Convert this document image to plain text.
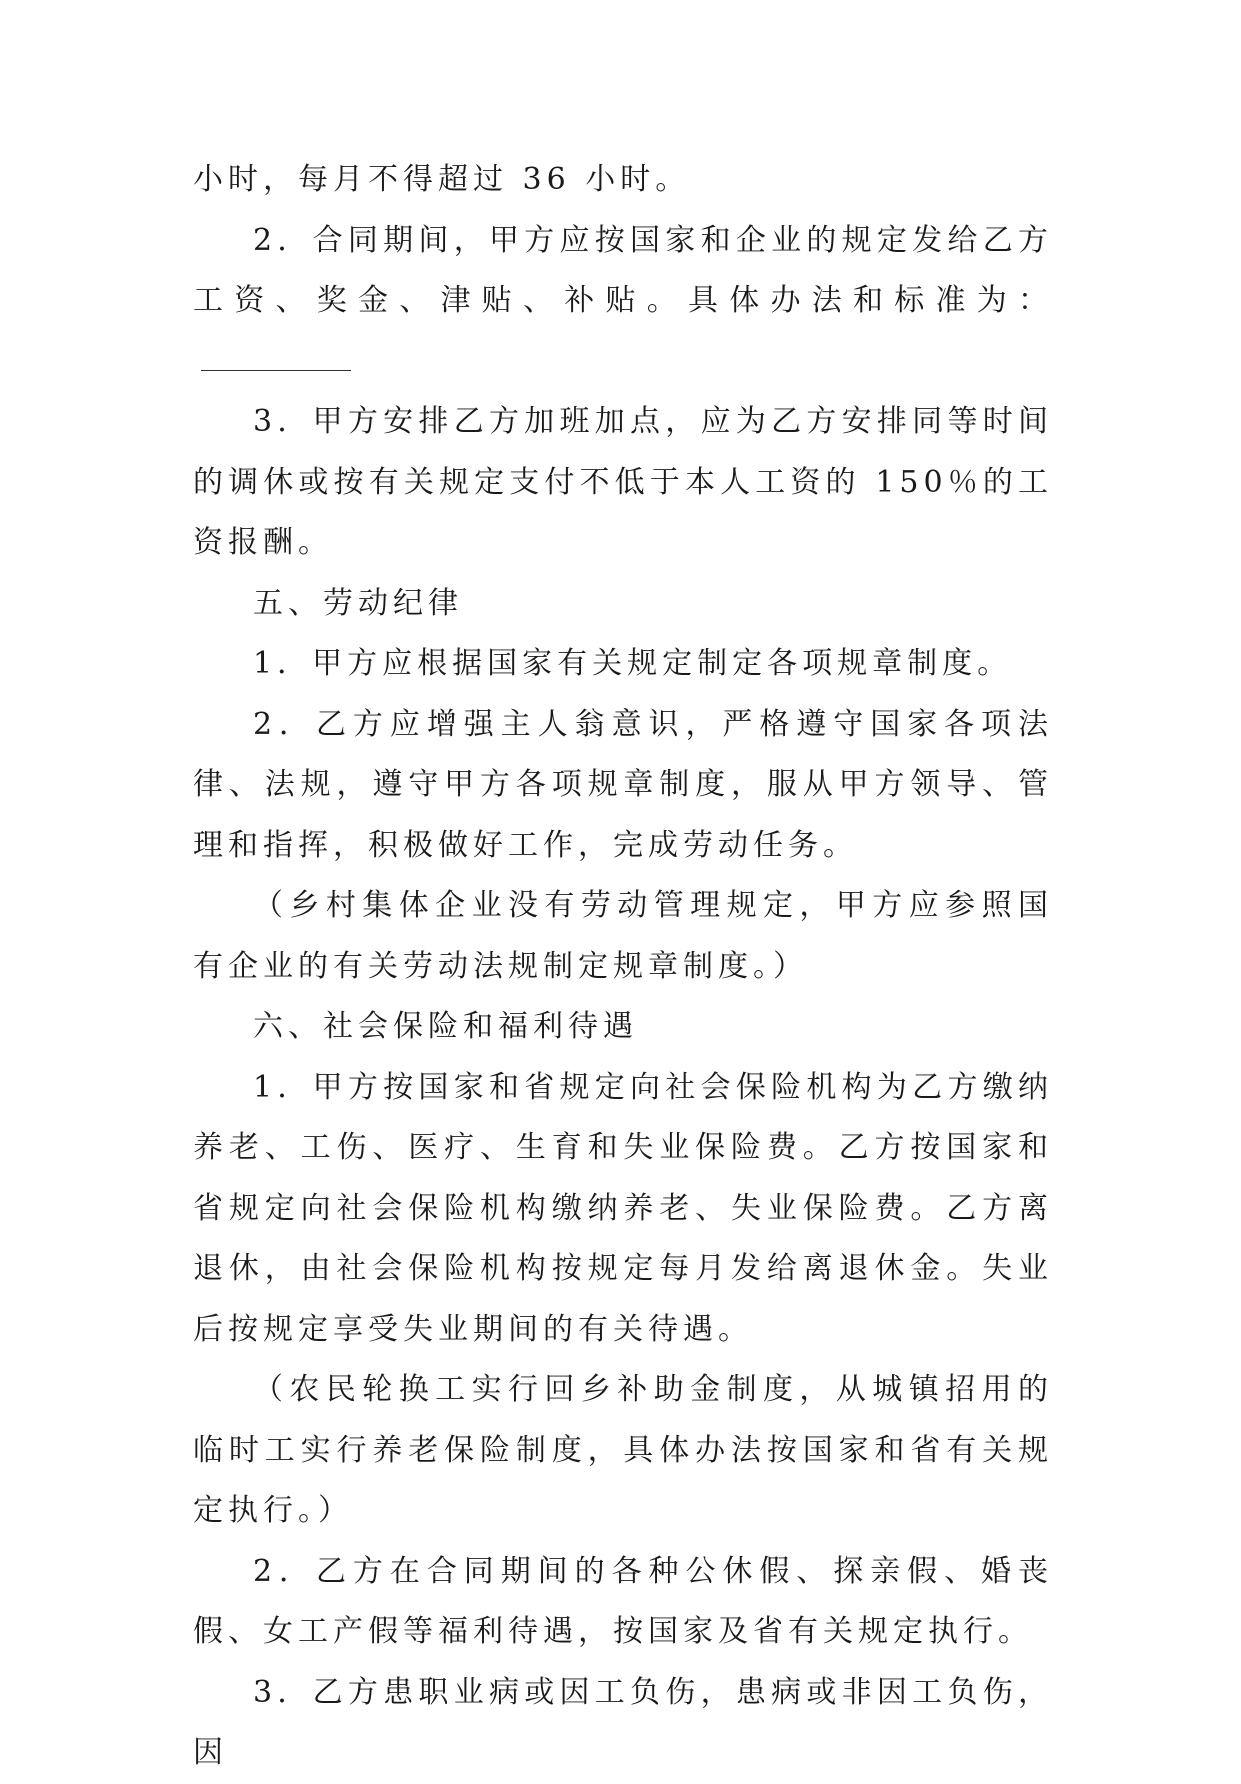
小时，每月不得超过 36 小时。

2．合同期间，甲方应按国家和企业的规定发给乙方工资、奖金、津贴、补贴。具体办法和标准为：

3．甲方安排乙方加班加点，应为乙方安排同等时间的调休或按有关规定支付不低于本人工资的 150％的工资报酬。

五、劳动纪律

1．甲方应根据国家有关规定制定各项规章制度。

2．乙方应增强主人翁意识，严格遵守国家各项法律、法规，遵守甲方各项规章制度，服从甲方领导、管理和指挥，积极做好工作，完成劳动任务。

（乡村集体企业没有劳动管理规定，甲方应参照国有企业的有关劳动法规制定规章制度。）

六、社会保险和福利待遇

1．甲方按国家和省规定向社会保险机构为乙方缴纳养老、工伤、医疗、生育和失业保险费。乙方按国家和省规定向社会保险机构缴纳养老、失业保险费。乙方离退休，由社会保险机构按规定每月发给离退休金。失业后按规定享受失业期间的有关待遇。

（农民轮换工实行回乡补助金制度，从城镇招用的临时工实行养老保险制度，具体办法按国家和省有关规定执行。）

2．乙方在合同期间的各种公休假、探亲假、婚丧假、女工产假等福利待遇，按国家及省有关规定执行。

3．乙方患职业病或因工负伤，患病或非因工负伤，因
